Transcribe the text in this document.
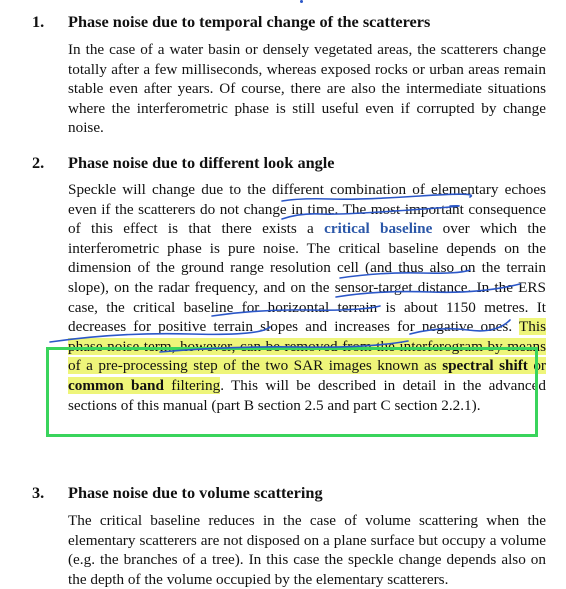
1. Phase noise due to temporal change of the scatterers

In the case of a water basin or densely vegetated areas, the scatterers change totally after a few milliseconds, whereas exposed rocks or urban areas remain stable even after years. Of course, there are also the intermediate situations where the interferometric phase is still useful even if corrupted by change noise.

2. Phase noise due to different look angle

Speckle will change due to the different combination of elementary echoes even if the scatterers do not change in time. The most important consequence of this effect is that there exists a critical baseline over which the interferometric phase is pure noise. The critical baseline depends on the dimension of the ground range resolution cell (and thus also on the terrain slope), on the radar frequency, and on the sensor-target distance. In the ERS case, the critical baseline for horizontal terrain is about 1150 metres. It decreases for positive terrain slopes and increases for negative ones. This phase noise term, however, can be removed from the interferogram by means of a pre-processing step of the two SAR images known as spectral shift or common band filtering. This will be described in detail in the advanced sections of this manual (part B section 2.5 and part C section 2.2.1).

3. Phase noise due to volume scattering

The critical baseline reduces in the case of volume scattering when the elementary scatterers are not disposed on a plane surface but occupy a volume (e.g. the branches of a tree). In this case the speckle change depends also on the depth of the volume occupied by the elementary scatterers.
